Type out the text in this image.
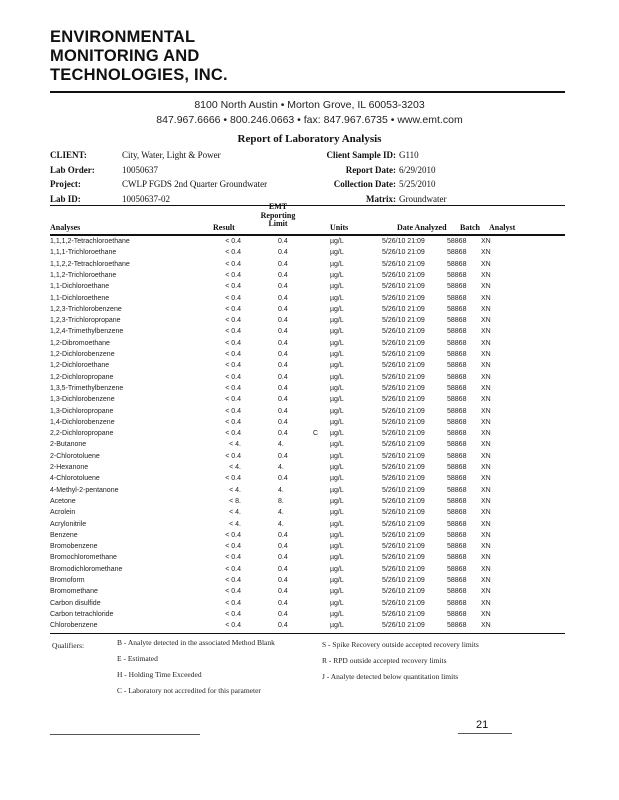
ENVIRONMENTAL
MONITORING AND
TECHNOLOGIES, INC.
8100 North Austin • Morton Grove, IL 60053-3203
847.967.6666 • 800.246.0663 • fax: 847.967.6735 • www.emt.com
Report of Laboratory Analysis
CLIENT:	City, Water, Light & Power
Lab Order:	10050637
Project:	CWLP FGDS 2nd Quarter Groundwater
Lab ID:	10050637-02
Client Sample ID: G110
Report Date: 6/29/2010
Collection Date: 5/25/2010
Matrix: Groundwater
Analyses	Result
EMT Reporting Limit	Units	Date Analyzed Batch Analyst
1,1,1,2-Tetrachloroethane	< 0.4	0.4	µg/L	5/26/10 21:09	58868 XN
1,1,1-Trichloroethane	< 0.4	0.4	µg/L	5/26/10 21:09	58868 XN
1,1,2,2-Tetrachloroethane	< 0.4	0.4	µg/L	5/26/10 21:09	58868 XN
1,1,2-Trichloroethane	< 0.4	0.4	µg/L	5/26/10 21:09	58868 XN
1,1-Dichloroethane	< 0.4	0.4	µg/L	5/26/10 21:09	58868 XN
1,1-Dichloroethene	< 0.4	0.4	µg/L	5/26/10 21:09	58868 XN
1,2,3-Trichlorobenzene	< 0.4	0.4	µg/L	5/26/10 21:09	58868 XN
1,2,3-Trichloropropane	< 0.4	0.4	µg/L	5/26/10 21:09	58868 XN
1,2,4-Trimethylbenzene	< 0.4	0.4	µg/L	5/26/10 21:09	58868 XN
1,2-Dibromoethane	< 0.4	0.4	µg/L	5/26/10 21:09	58868 XN
1,2-Dichlorobenzene	< 0.4	0.4	µg/L	5/26/10 21:09	58868 XN
1,2-Dichloroethane	< 0.4	0.4	µg/L	5/26/10 21:09	58868 XN
1,2-Dichloropropane	< 0.4	0.4	µg/L	5/26/10 21:09	58868 XN
1,3,5-Trimethylbenzene	< 0.4	0.4	µg/L	5/26/10 21:09	58868 XN
1,3-Dichlorobenzene	< 0.4	0.4	µg/L	5/26/10 21:09	58868 XN
1,3-Dichloropropane	< 0.4	0.4	µg/L	5/26/10 21:09	58868 XN
1,4-Dichlorobenzene	< 0.4	0.4	µg/L	5/26/10 21:09	58868 XN
2,2-Dichloropropane	< 0.4	0.4	C µg/L	5/26/10 21:09	58868 XN
2-Butanone	< 4.	4.	µg/L	5/26/10 21:09	58868 XN
2-Chlorotoluene	< 0.4	0.4	µg/L	5/26/10 21:09	58868 XN
2-Hexanone	< 4.	4.	µg/L	5/26/10 21:09	58868 XN
4-Chlorotoluene	< 0.4	0.4	µg/L	5/26/10 21:09	58868 XN
4-Methyl-2-pentanone	< 4.	4.	µg/L	5/26/10 21:09	58868 XN
Acetone	< 8.	8.	µg/L	5/26/10 21:09	58868 XN
Acrolein	< 4.	4.	µg/L	5/26/10 21:09	58868 XN
Acrylonitrile	< 4.	4.	µg/L	5/26/10 21:09	58868 XN
Benzene	< 0.4	0.4	µg/L	5/26/10 21:09	58868 XN
Bromobenzene	< 0.4	0.4	µg/L	5/26/10 21:09	58868 XN
Bromochloromethane	< 0.4	0.4	µg/L	5/26/10 21:09	58868 XN
Bromodichloromethane	< 0.4	0.4	µg/L	5/26/10 21:09	58868 XN
Bromoform	< 0.4	0.4	µg/L	5/26/10 21:09	58868 XN
Bromomethane	< 0.4	0.4	µg/L	5/26/10 21:09	58868 XN
Carbon disulfide	< 0.4	0.4	µg/L	5/26/10 21:09	58868 XN
Carbon tetrachloride	< 0.4	0.4	µg/L	5/26/10 21:09	58868 XN
Chlorobenzene	< 0.4	0.4	µg/L	5/26/10 21:09	58868 XN
Qualifiers:	B - Analyte detected in the associated Method Blank
E - Estimated
H - Holding Time Exceeded
C - Laboratory not accredited for this parameter
S - Spike Recovery outside accepted recovery limits
R - RPD outside accepted recovery limits
J - Analyte detected below quantitation limits
21
